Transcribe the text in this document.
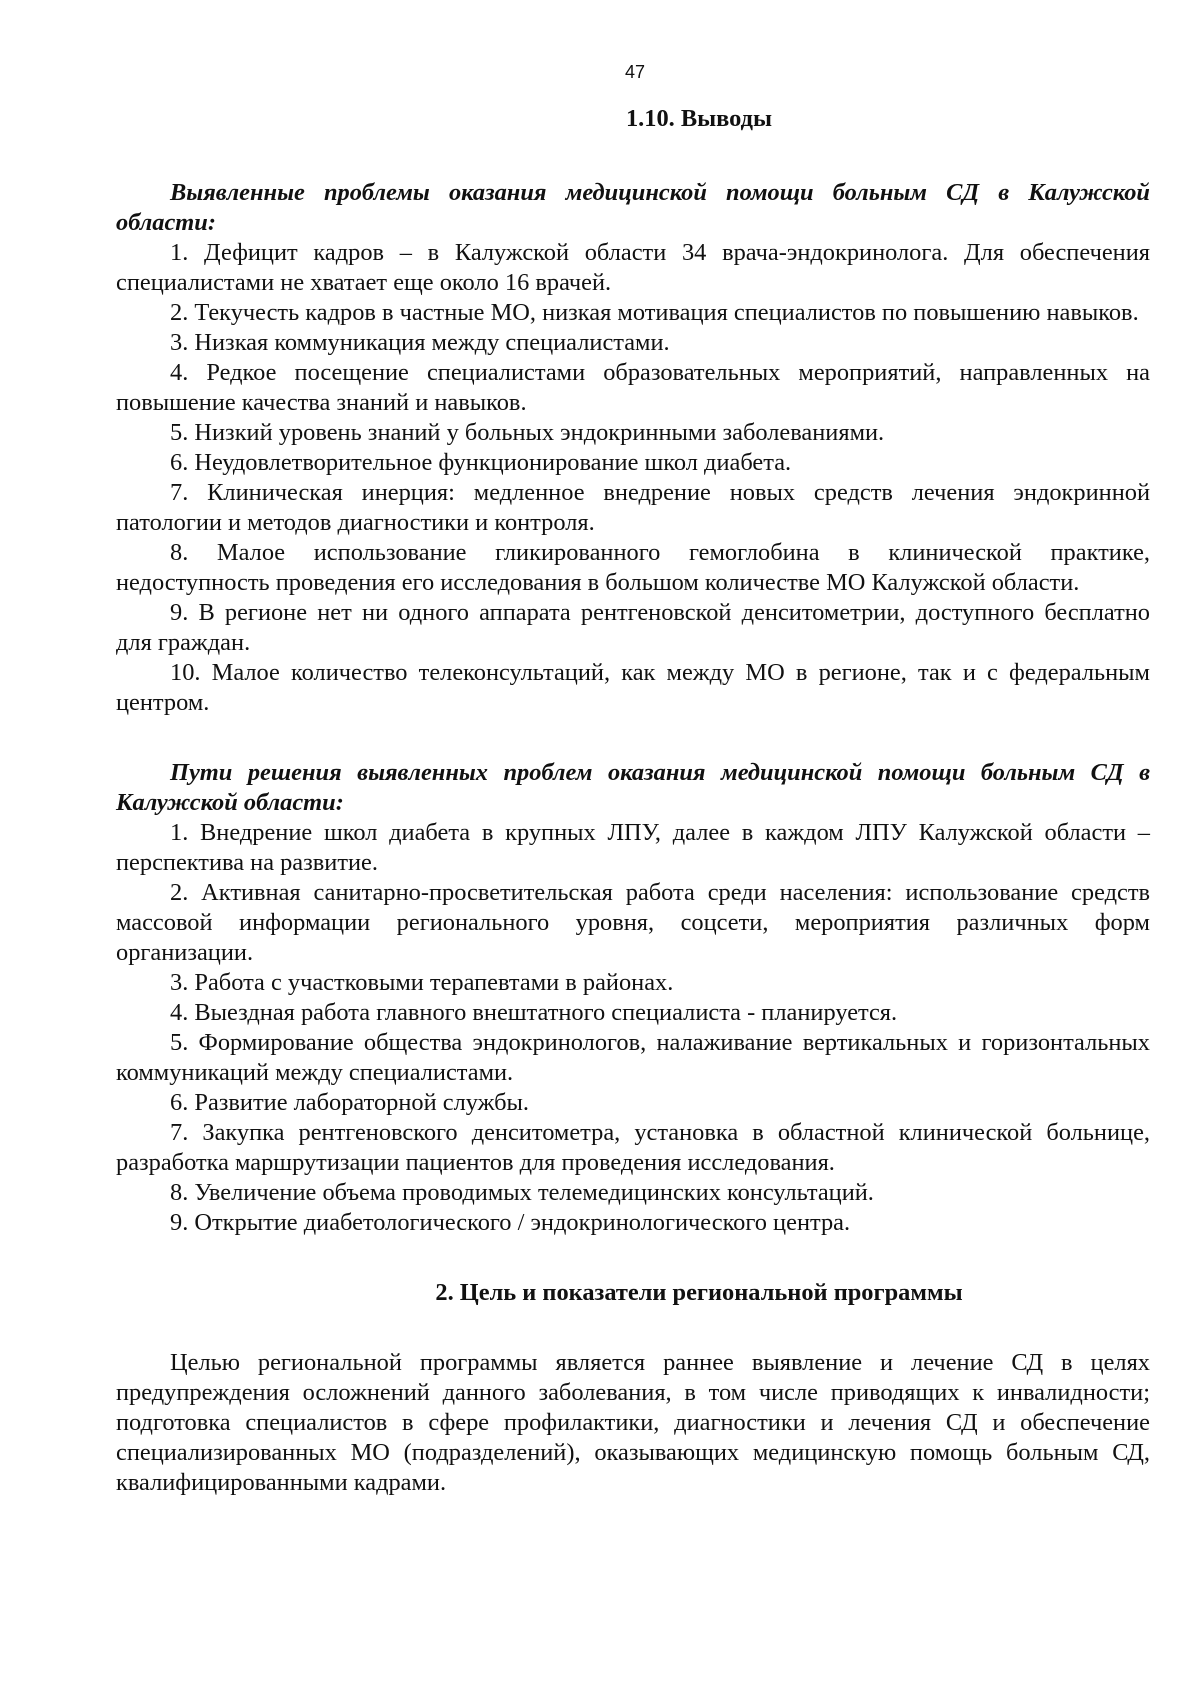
47

1.10. Выводы

Выявленные проблемы оказания медицинской помощи больным СД в Калужской области:

1. Дефицит кадров – в Калужской области 34 врача-эндокринолога. Для обеспечения специалистами не хватает еще около 16 врачей.

2. Текучесть кадров в частные МО, низкая мотивация специалистов по повышению навыков.

3. Низкая коммуникация между специалистами.

4. Редкое посещение специалистами образовательных мероприятий, направленных на повышение качества знаний и навыков.

5. Низкий уровень знаний у больных эндокринными заболеваниями.

6. Неудовлетворительное функционирование школ диабета.

7. Клиническая инерция: медленное внедрение новых средств лечения эндокринной патологии и методов диагностики и контроля.

8. Малое использование гликированного гемоглобина в клинической практике, недоступность проведения его исследования в большом количестве МО Калужской области.

9. В регионе нет ни одного аппарата рентгеновской денситометрии, доступного бесплатно для граждан.

10. Малое количество телеконсультаций, как между МО в регионе, так и с федеральным центром.

Пути решения выявленных проблем оказания медицинской помощи больным СД в Калужской области:

1. Внедрение школ диабета в крупных ЛПУ, далее в каждом ЛПУ Калужской области – перспектива на развитие.

2. Активная санитарно-просветительская работа среди населения: использование средств массовой информации регионального уровня, соцсети, мероприятия различных форм организации.

3. Работа с участковыми терапевтами в районах.

4. Выездная работа главного внештатного специалиста - планируется.

5. Формирование общества эндокринологов, налаживание вертикальных и горизонтальных коммуникаций между специалистами.

6. Развитие лабораторной службы.

7. Закупка рентгеновского денситометра, установка в областной клинической больнице, разработка маршрутизации пациентов для проведения исследования.

8. Увеличение объема проводимых телемедицинских консультаций.

9. Открытие диабетологического / эндокринологического центра.

2. Цель и показатели региональной программы

Целью региональной программы является раннее выявление и лечение СД в целях предупреждения осложнений данного заболевания, в том числе приводящих к инвалидности; подготовка специалистов в сфере профилактики, диагностики и лечения СД и обеспечение специализированных МО (подразделений), оказывающих медицинскую помощь больным СД, квалифицированными кадрами.
